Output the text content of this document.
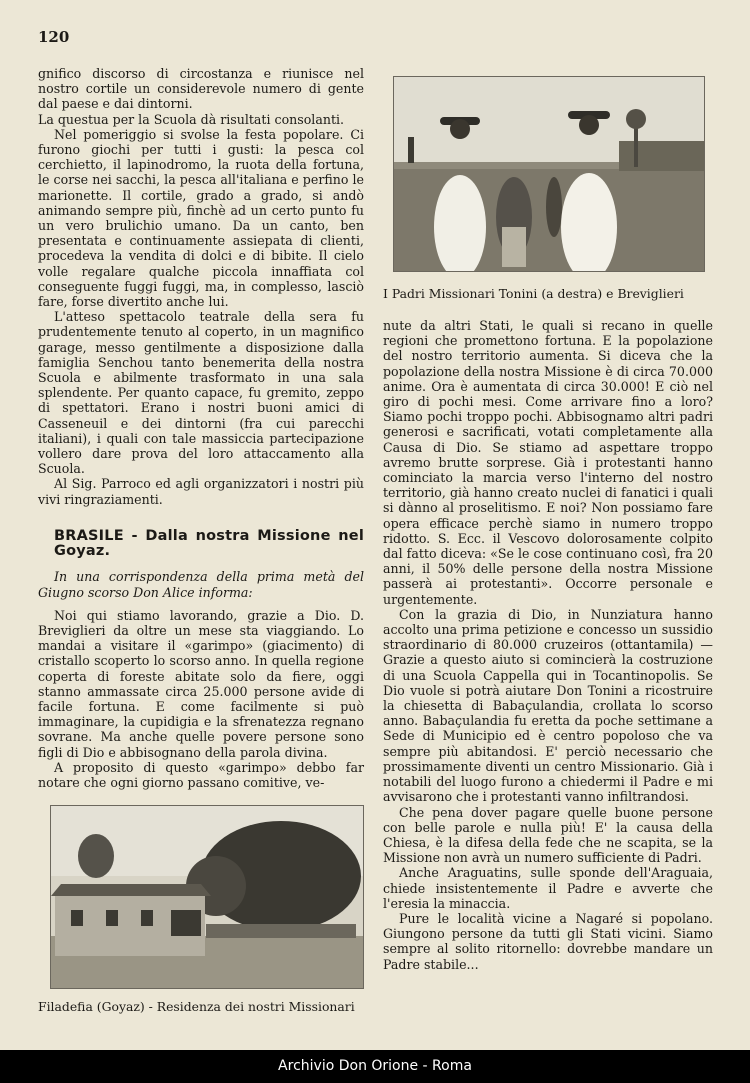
120

gnifico discorso di circostanza e riunisce nel nostro cortile un considerevole numero di gente dal paese e dai dintorni.

La questua per la Scuola dà risultati consolanti.

Nel pomeriggio si svolse la festa popolare. Ci furono giochi per tutti i gusti: la pesca col cerchietto, il lapinodromo, la ruota della fortuna, le corse nei sacchi, la pesca all'italiana e perfino le marionette. Il cortile, grado a grado, si andò animando sempre più, finchè ad un certo punto fu un vero brulichio umano. Da un canto, ben presentata e continuamente assiepata di clienti, procedeva la vendita di dolci e di bibite. Il cielo volle regalare qualche piccola innaffiata col conseguente fuggi fuggi, ma, in complesso, lasciò fare, forse divertito anche lui.

L'atteso spettacolo teatrale della sera fu prudentemente tenuto al coperto, in un magnifico garage, messo gentilmente a disposizione dalla famiglia Senchou tanto benemerita della nostra Scuola e abilmente trasformato in una sala splendente. Per quanto capace, fu gremito, zeppo di spettatori. Erano i nostri buoni amici di Casseneuil e dei dintorni (fra cui parecchi italiani), i quali con tale massiccia partecipazione vollero dare prova del loro attaccamento alla Scuola.

Al Sig. Parroco ed agli organizzatori i nostri più vivi ringraziamenti.

BRASILE - Dalla nostra Missione nel Goyaz.

In una corrispondenza della prima metà del Giugno scorso Don Alice informa:

Noi qui stiamo lavorando, grazie a Dio. D. Breviglieri da oltre un mese sta viaggiando. Lo mandai a visitare il «garimpo» (giacimento) di cristallo scoperto lo scorso anno. In quella regione coperta di foreste abitate solo da fiere, oggi stanno ammassate circa 25.000 persone avide di facile fortuna. E come facilmente si può immaginare, la cupidigia e la sfrenatezza regnano sovrane. Ma anche quelle povere persone sono figli di Dio e abbisognano della parola divina.

A proposito di questo «garimpo» debbo far notare che ogni giorno passano comitive, ve-

I Padri Missionari Tonini (a destra) e Breviglieri

nute da altri Stati, le quali si recano in quelle regioni che promettono fortuna. E la popolazione del nostro territorio aumenta. Si diceva che la popolazione della nostra Missione è di circa 70.000 anime. Ora è aumentata di circa 30.000! E ciò nel giro di pochi mesi. Come arrivare fino a loro? Siamo pochi troppo pochi. Abbisognamo altri padri generosi e sacrificati, votati completamente alla Causa di Dio. Se stiamo ad aspettare troppo avremo brutte sorprese. Già i protestanti hanno cominciato la marcia verso l'interno del nostro territorio, già hanno creato nuclei di fanatici i quali si dànno al proselitismo. E noi? Non possiamo fare opera efficace perchè siamo in numero troppo ridotto. S. Ecc. il Vescovo dolorosamente colpito dal fatto diceva: «Se le cose continuano così, fra 20 anni, il 50% delle persone della nostra Missione passerà ai protestanti». Occorre personale e urgentemente.

Con la grazia di Dio, in Nunziatura hanno accolto una prima petizione e concesso un sussidio straordinario di 80.000 cruzeiros (ottantamila) — Grazie a questo aiuto si comincierà la costruzione di una Scuola Cappella qui in Tocantinopolis. Se Dio vuole si potrà aiutare Don Tonini a ricostruire la chiesetta di Babaçulandia, crollata lo scorso anno. Babaçulandia fu eretta da poche settimane a Sede di Municipio ed è centro popoloso che va sempre più abitandosi. E' perciò necessario che prossimamente diventi un centro Missionario. Già i notabili del luogo furono a chiedermi il Padre e mi avvisarono che i protestanti vanno infiltrandosi.

Che pena dover pagare quelle buone persone con belle parole e nulla più! E' la causa della Chiesa, è la difesa della fede che ne scapita, se la Missione non avrà un numero sufficiente di Padri.

Anche Araguatins, sulle sponde dell'Araguaia, chiede insistentemente il Padre e avverte che l'eresia la minaccia.

Pure le località vicine a Nagaré si popolano. Giungono persone da tutti gli Stati vicini. Siamo sempre al solito ritornello: dovrebbe mandare un Padre stabile...

Filadefia (Goyaz) - Residenza dei nostri Missionari
Archivio Don Orione - Roma
